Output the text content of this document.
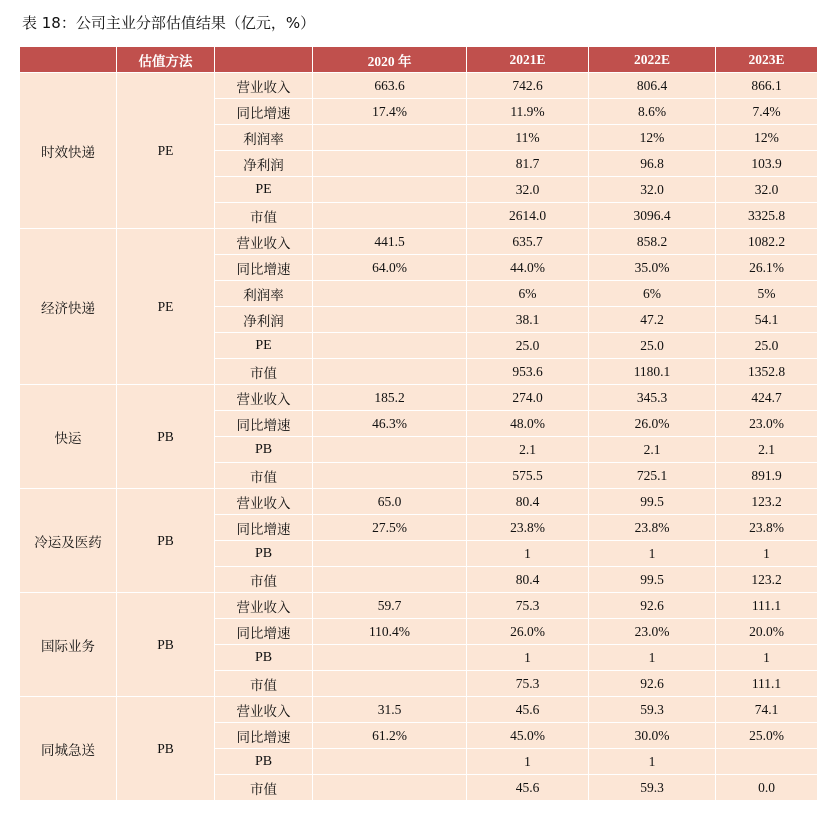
表 18：公司主业分部估值结果（亿元，%）
	估值方法		2020 年	2021E	2022E	2023E
时效快递	PE	营业收入	663.6	742.6	806.4	866.1
		同比增速	17.4%	11.9%	8.6%	7.4%
		利润率		11%	12%	12%
		净利润		81.7	96.8	103.9
		PE		32.0	32.0	32.0
		市值		2614.0	3096.4	3325.8
经济快递	PE	营业收入	441.5	635.7	858.2	1082.2
		同比增速	64.0%	44.0%	35.0%	26.1%
		利润率		6%	6%	5%
		净利润		38.1	47.2	54.1
		PE		25.0	25.0	25.0
		市值		953.6	1180.1	1352.8
快运	PB	营业收入	185.2	274.0	345.3	424.7
		同比增速	46.3%	48.0%	26.0%	23.0%
		PB		2.1	2.1	2.1
		市值		575.5	725.1	891.9
冷运及医药	PB	营业收入	65.0	80.4	99.5	123.2
		同比增速	27.5%	23.8%	23.8%	23.8%
		PB		1	1	1
		市值		80.4	99.5	123.2
国际业务	PB	营业收入	59.7	75.3	92.6	111.1
		同比增速	110.4%	26.0%	23.0%	20.0%
		PB		1	1	1
		市值		75.3	92.6	111.1
同城急送	PB	营业收入	31.5	45.6	59.3	74.1
		同比增速	61.2%	45.0%	30.0%	25.0%
		PB		1	1	
		市值		45.6	59.3	0.0
